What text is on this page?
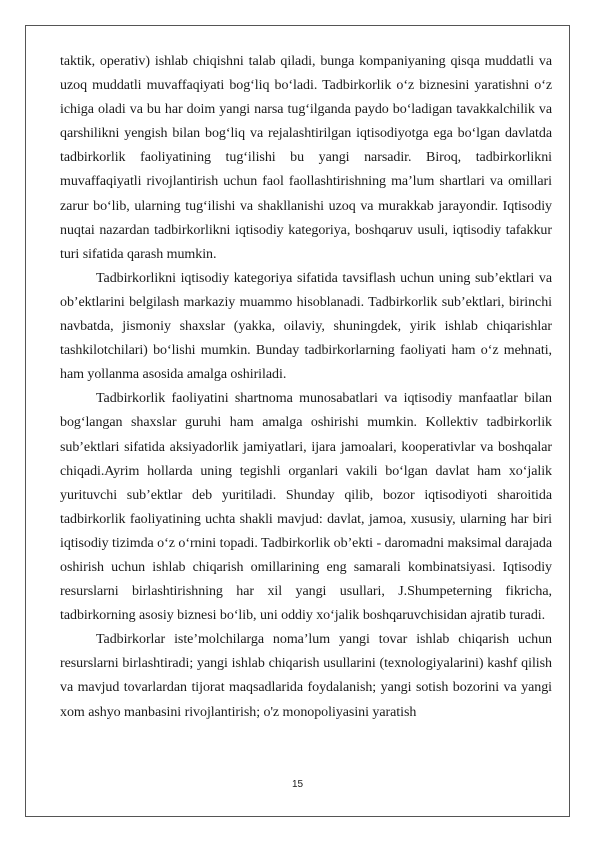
taktik, operativ) ishlab chiqishni talab qiladi, bunga kompaniyaning qisqa muddatli va uzoq muddatli muvaffaqiyati bog‘liq bo‘ladi. Tadbirkorlik o‘z biznesini yaratishni o‘z ichiga oladi va bu har doim yangi narsa tug‘ilganda paydo bo‘ladigan tavakkalchilik va qarshilikni yengish bilan bog‘liq va rejalashtirilgan iqtisodiyotga ega bo‘lgan davlatda tadbirkorlik faoliyatining tug‘ilishi bu yangi narsadir. Biroq, tadbirkorlikni muvaffaqiyatli rivojlantirish uchun faol faollashtirishning ma’lum shartlari va omillari zarur bo‘lib, ularning tug‘ilishi va shakllanishi uzoq va murakkab jarayondir. Iqtisodiy nuqtai nazardan tadbirkorlikni iqtisodiy kategoriya, boshqaruv usuli, iqtisodiy tafakkur turi sifatida qarash mumkin.

Tadbirkorlikni iqtisodiy kategoriya sifatida tavsiflash uchun uning sub’ektlari va ob’ektlarini belgilash markaziy muammo hisoblanadi. Tadbirkorlik sub’ektlari, birinchi navbatda, jismoniy shaxslar (yakka, oilaviy, shuningdek, yirik ishlab chiqarishlar tashkilotchilari) bo‘lishi mumkin. Bunday tadbirkorlarning faoliyati ham o‘z mehnati, ham yollanma asosida amalga oshiriladi.

Tadbirkorlik faoliyatini shartnoma munosabatlari va iqtisodiy manfaatlar bilan bog‘langan shaxslar guruhi ham amalga oshirishi mumkin. Kollektiv tadbirkorlik sub’ektlari sifatida aksiyadorlik jamiyatlari, ijara jamoalari, kooperativlar va boshqalar chiqadi.Ayrim hollarda uning tegishli organlari vakili bo‘lgan davlat ham xo‘jalik yurituvchi sub’ektlar deb yuritiladi. Shunday qilib, bozor iqtisodiyoti sharoitida tadbirkorlik faoliyatining uchta shakli mavjud: davlat, jamoa, xususiy, ularning har biri iqtisodiy tizimda o‘z o‘rnini topadi. Tadbirkorlik ob’ekti - daromadni maksimal darajada oshirish uchun ishlab chiqarish omillarining eng samarali kombinatsiyasi. Iqtisodiy resurslarni birlashtirishning har xil yangi usullari, J.Shumpeterning fikricha, tadbirkorning asosiy biznesi bo‘lib, uni oddiy xo‘jalik boshqaruvchisidan ajratib turadi.

Tadbirkorlar iste’molchilarga noma’lum yangi tovar ishlab chiqarish uchun resurslarni birlashtiradi; yangi ishlab chiqarish usullarini (texnologiyalarini) kashf qilish va mavjud tovarlardan tijorat maqsadlarida foydalanish; yangi sotish bozorini va yangi xom ashyo manbasini rivojlantirish; o'z monopoliyasini yaratish

15
